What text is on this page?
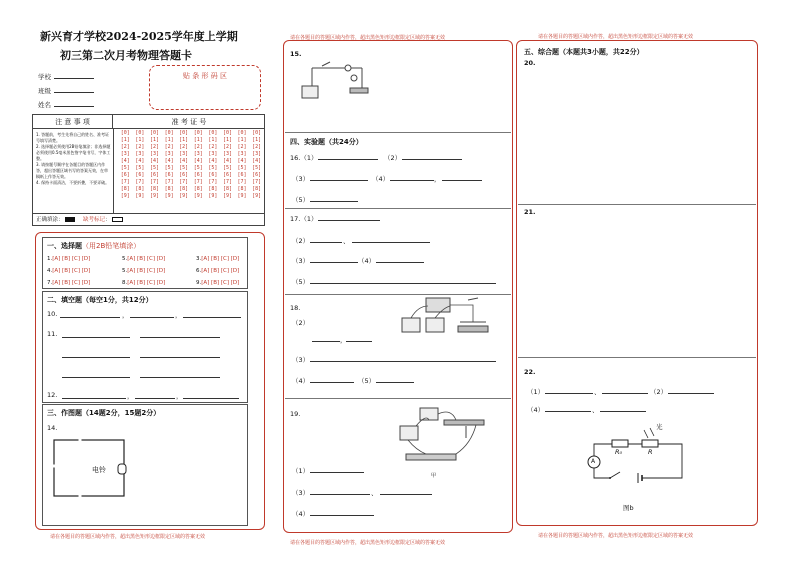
新兴育才学校2024-2025学年度上学期
初三第二次月考物理答题卡
学校
班级
姓名
贴 条 形 码 区
注 意 事 项	准 考 证 号
1. 答题前，考生先将自己的姓名、准考证号填写清楚。
2. 选择题必须使用2B铅笔填涂；非选择题必须使用0.5毫米黑色签字笔书写，字体工整。
3. 请按题号顺序在各题目的答题区内作答，超出答题区域书写的答案无效，在草稿纸上作答无效。
4. 保持卡面清洁，不要折叠，不要弄破。
正确填涂：	缺考标记：
[0]	[0]	[0]	[0]	[0]	[0]	[0]	[0]	[0]	[0]
[1]	[1]	[1]	[1]	[1]	[1]	[1]	[1]	[1]	[1]
[2]	[2]	[2]	[2]	[2]	[2]	[2]	[2]	[2]	[2]
[3]	[3]	[3]	[3]	[3]	[3]	[3]	[3]	[3]	[3]
[4]	[4]	[4]	[4]	[4]	[4]	[4]	[4]	[4]	[4]
[5]	[5]	[5]	[5]	[5]	[5]	[5]	[5]	[5]	[5]
[6]	[6]	[6]	[6]	[6]	[6]	[6]	[6]	[6]	[6]
[7]	[7]	[7]	[7]	[7]	[7]	[7]	[7]	[7]	[7]
[8]	[8]	[8]	[8]	[8]	[8]	[8]	[8]	[8]	[8]
[9]	[9]	[9]	[9]	[9]	[9]	[9]	[9]	[9]	[9]
一、选择题（用2B铅笔填涂）
1.[A] [B] [C] [D]	5.[A] [B] [C] [D]	3.[A] [B] [C] [D]
4.[A] [B] [C] [D]	5.[A] [B] [C] [D]	6.[A] [B] [C] [D]
7.[A] [B] [C] [D]	8.[A] [B] [C] [D]	9.[A] [B] [C] [D]
二、填空题（每空1分，共12分）
10.	，	，
11.
12.	，	，
三、作图题（14题2分，15题2分）
14.
电铃
请在各题目的答题区域内作答，超出黑色矩形边框限定区域的答案无效
请在各题目的答题区域内作答，超出黑色矩形边框限定区域的答案无效
请在各题目的答题区域内作答，超出黑色矩形边框限定区域的答案无效
15.
四、实验题（共24分）
16.（1）	（2）
（3）	（4）	，
（5）
17.（1）
（2）	、
（3）	（4）
（5）
18.
（2）
，
（3）
（4）	（5）
19.
甲
（1）
（3）	、
（4）
请在各题目的答题区域内作答，超出黑色矩形边框限定区域的答案无效
请在各题目的答题区域内作答，超出黑色矩形边框限定区域的答案无效
五、综合题（本题共3小题，共22分）
20.
21.
22.
（1）	、	（2）
（4）	、
光
R₀	R
A
图b
